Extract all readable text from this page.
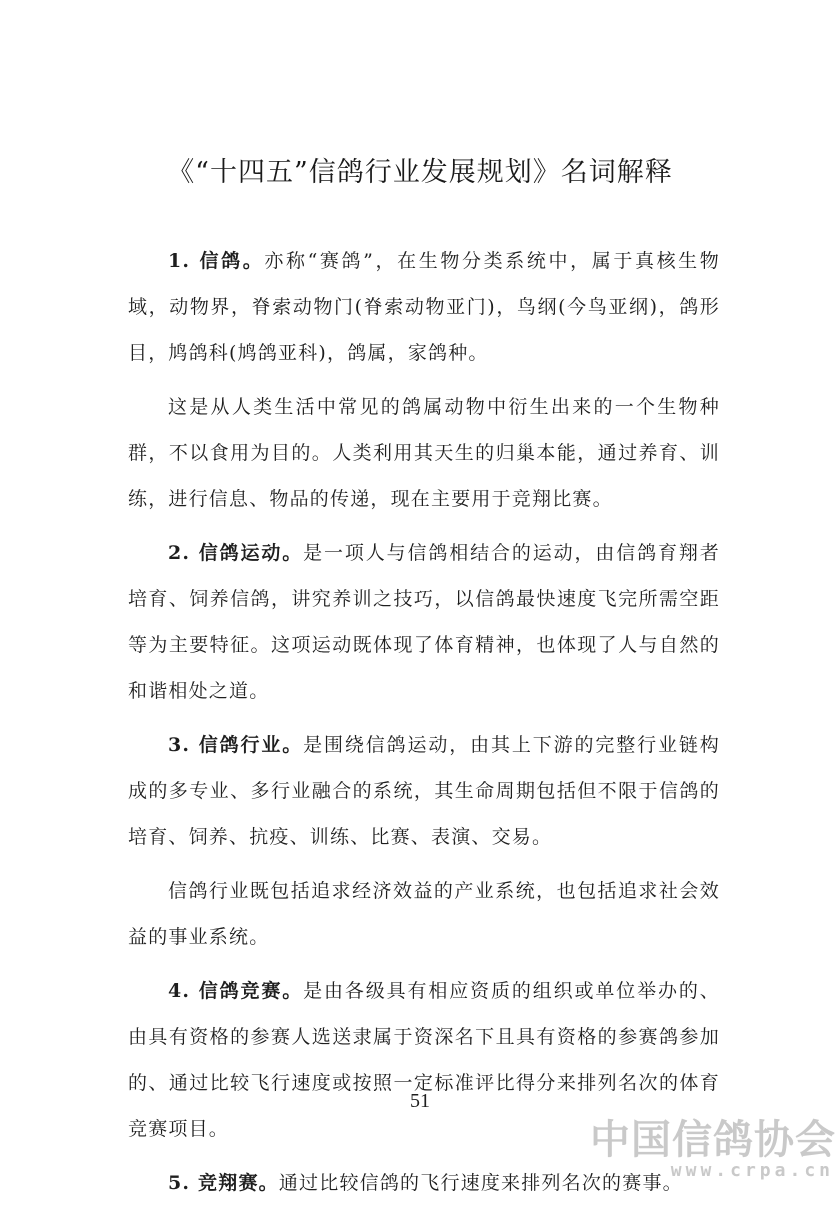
《“十四五”信鸽行业发展规划》名词解释

1. 信鸽。亦称“赛鸽”，在生物分类系统中，属于真核生物域，动物界，脊索动物门(脊索动物亚门)，鸟纲(今鸟亚纲)，鸽形目，鸠鸽科(鸠鸽亚科)，鸽属，家鸽种。

这是从人类生活中常见的鸽属动物中衍生出来的一个生物种群，不以食用为目的。人类利用其天生的归巢本能，通过养育、训练，进行信息、物品的传递，现在主要用于竞翔比赛。

2. 信鸽运动。是一项人与信鸽相结合的运动，由信鸽育翔者培育、饲养信鸽，讲究养训之技巧，以信鸽最快速度飞完所需空距等为主要特征。这项运动既体现了体育精神，也体现了人与自然的和谐相处之道。

3. 信鸽行业。是围绕信鸽运动，由其上下游的完整行业链构成的多专业、多行业融合的系统，其生命周期包括但不限于信鸽的培育、饲养、抗疫、训练、比赛、表演、交易。

信鸽行业既包括追求经济效益的产业系统，也包括追求社会效益的事业系统。

4. 信鸽竞赛。是由各级具有相应资质的组织或单位举办的、由具有资格的参赛人选送隶属于资深名下且具有资格的参赛鸽参加的、通过比较飞行速度或按照一定标准评比得分来排列名次的体育竞赛项目。

5. 竞翔赛。通过比较信鸽的飞行速度来排列名次的赛事。

51
中国信鸽协会
www.crpa.cn
